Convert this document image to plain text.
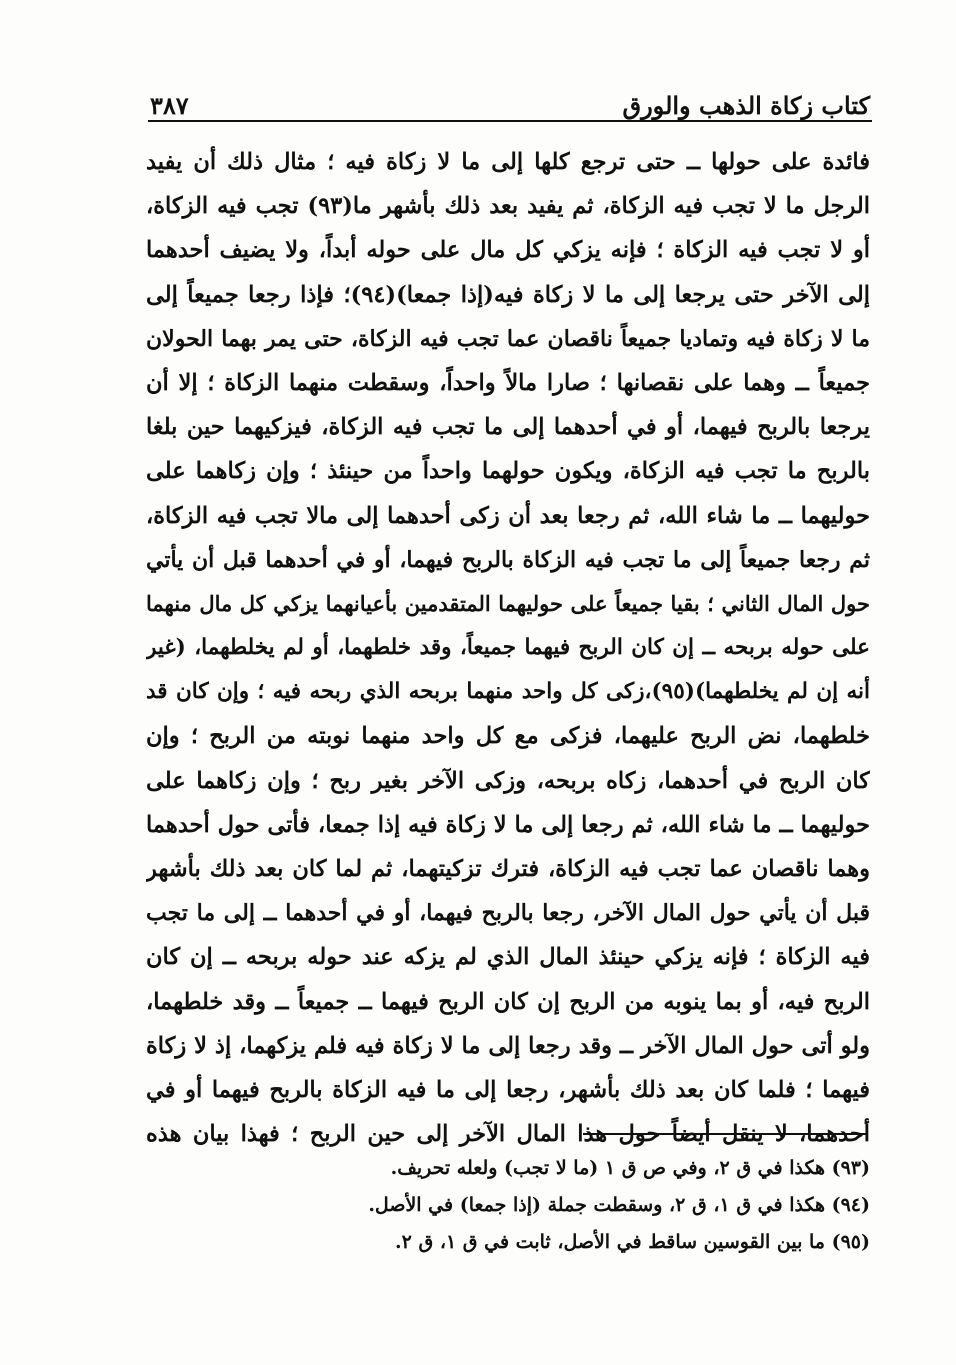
كتاب زكاة الذهب والورق
٣٨٧
فائدة على حولها ــ حتى ترجع كلها إلى ما لا زكاة فيه ؛ مثال ذلك أن يفيد
الرجل ما لا تجب فيه الزكاة، ثم يفيد بعد ذلك بأشهر ما(٩٣) تجب فيه الزكاة،
أو لا تجب فيه الزكاة ؛ فإنه يزكي كل مال على حوله أبداً، ولا يضيف أحدهما
إلى الآخر حتى يرجعا إلى ما لا زكاة فيه(إذا جمعا)(٩٤)؛ فإذا رجعا جميعاً إلى
ما لا زكاة فيه وتماديا جميعاً ناقصان عما تجب فيه الزكاة، حتى يمر بهما الحولان
جميعاً ــ وهما على نقصانها ؛ صارا مالاً واحداً، وسقطت منهما الزكاة ؛ إلا أن
يرجعا بالربح فيهما، أو في أحدهما إلى ما تجب فيه الزكاة، فيزكيهما حين بلغا
بالربح ما تجب فيه الزكاة، ويكون حولهما واحداً من حينئذ ؛ وإن زكاهما على
حوليهما ــ ما شاء الله، ثم رجعا بعد أن زكى أحدهما إلى مالا تجب فيه الزكاة،
ثم رجعا جميعاً إلى ما تجب فيه الزكاة بالربح فيهما، أو في أحدهما قبل أن يأتي
حول المال الثاني ؛ بقيا جميعاً على حوليهما المتقدمين بأعيانهما يزكي كل مال منهما
على حوله بربحه ــ إن كان الربح فيهما جميعاً، وقد خلطهما، أو لم يخلطهما، (غير
أنه إن لم يخلطهما)(٩٥)،زكى كل واحد منهما بربحه الذي ربحه فيه ؛ وإن كان قد
خلطهما، نض الربح عليهما، فزكى مع كل واحد منهما نوبته من الربح ؛ وإن
كان الربح في أحدهما، زكاه بربحه، وزكى الآخر بغير ربح ؛ وإن زكاهما على
حوليهما ــ ما شاء الله، ثم رجعا إلى ما لا زكاة فيه إذا جمعا، فأتى حول أحدهما
وهما ناقصان عما تجب فيه الزكاة، فترك تزكيتهما، ثم لما كان بعد ذلك بأشهر
قبل أن يأتي حول المال الآخر، رجعا بالربح فيهما، أو في أحدهما ــ إلى ما تجب
فيه الزكاة ؛ فإنه يزكي حينئذ المال الذي لم يزكه عند حوله بربحه ــ إن كان
الربح فيه، أو بما ينوبه من الربح إن كان الربح فيهما ــ جميعاً ــ وقد خلطهما،
ولو أتى حول المال الآخر ــ وقد رجعا إلى ما لا زكاة فيه فلم يزكهما، إذ لا زكاة
فيهما ؛ فلما كان بعد ذلك بأشهر، رجعا إلى ما فيه الزكاة بالربح فيهما أو في
أحدهما، لا ينقل أيضاً حول هذا المال الآخر إلى حين الربح ؛ فهذا بيان هذه
(٩٣) هكذا في ق ٢، وفي ص ق ١ (ما لا تجب) ولعله تحريف.
(٩٤) هكذا في ق ١، ق ٢، وسقطت جملة (إذا جمعا) في الأصل.
(٩٥) ما بين القوسين ساقط في الأصل، ثابت في ق ١، ق ٢.
